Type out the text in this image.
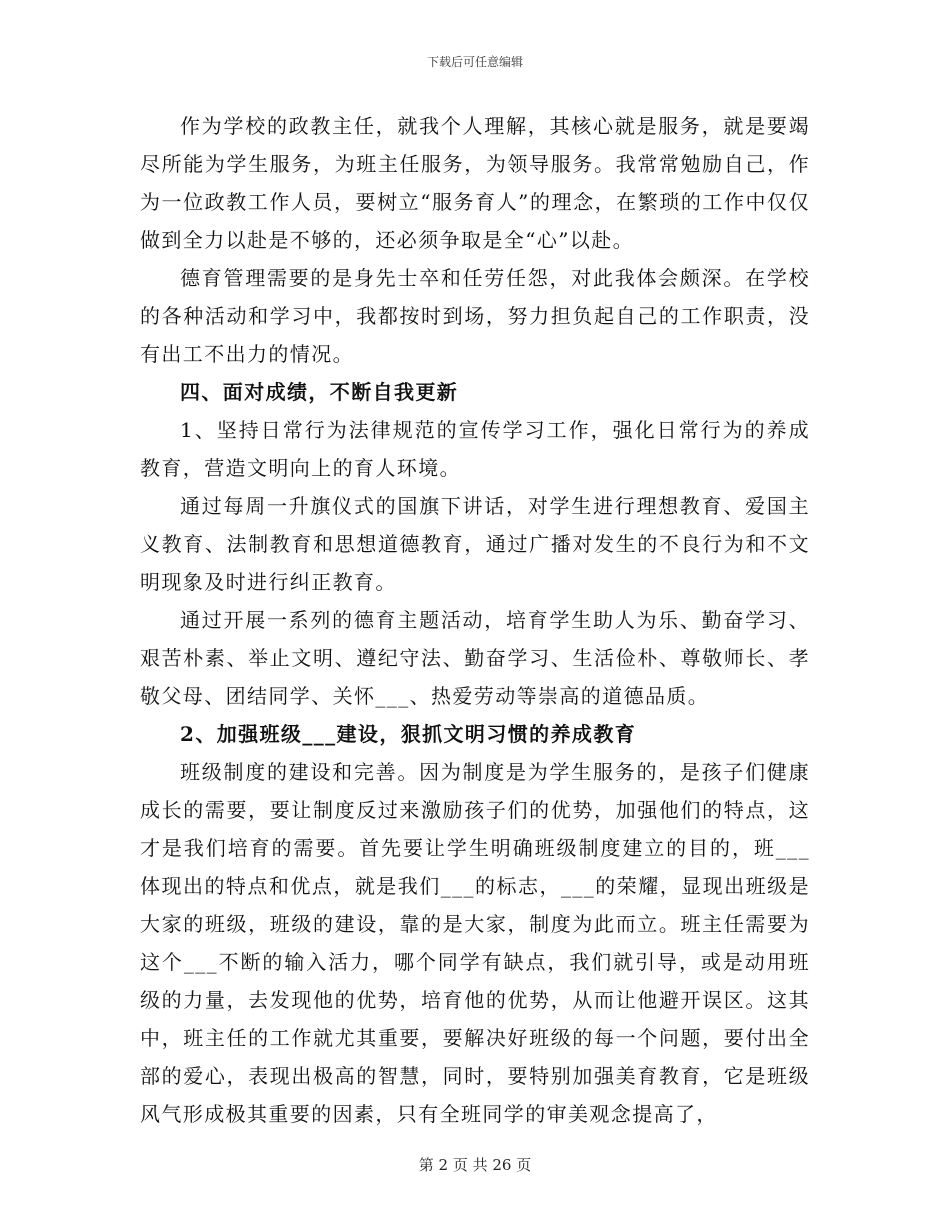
下载后可任意编辑

作为学校的政教主任，就我个人理解，其核心就是服务，就是要竭尽所能为学生服务，为班主任服务，为领导服务。我常常勉励自己，作为一位政教工作人员，要树立“服务育人”的理念，在繁琐的工作中仅仅做到全力以赴是不够的，还必须争取是全“心”以赴。

德育管理需要的是身先士卒和任劳任怨，对此我体会颇深。在学校的各种活动和学习中，我都按时到场，努力担负起自己的工作职责，没有出工不出力的情况。

四、面对成绩，不断自我更新

1、坚持日常行为法律规范的宣传学习工作，强化日常行为的养成教育，营造文明向上的育人环境。

通过每周一升旗仪式的国旗下讲话，对学生进行理想教育、爱国主义教育、法制教育和思想道德教育，通过广播对发生的不良行为和不文明现象及时进行纠正教育。

通过开展一系列的德育主题活动，培育学生助人为乐、勤奋学习、艰苦朴素、举止文明、遵纪守法、勤奋学习、生活俭朴、尊敬师长、孝敬父母、团结同学、关怀___、热爱劳动等崇高的道德品质。

2、加强班级___建设，狠抓文明习惯的养成教育

班级制度的建设和完善。因为制度是为学生服务的，是孩子们健康成长的需要，要让制度反过来激励孩子们的优势，加强他们的特点，这才是我们培育的需要。首先要让学生明确班级制度建立的目的，班___体现出的特点和优点，就是我们___的标志，___的荣耀，显现出班级是大家的班级，班级的建设，靠的是大家，制度为此而立。班主任需要为这个___不断的输入活力，哪个同学有缺点，我们就引导，或是动用班级的力量，去发现他的优势，培育他的优势，从而让他避开误区。这其中，班主任的工作就尤其重要，要解决好班级的每一个问题，要付出全部的爱心，表现出极高的智慧，同时，要特别加强美育教育，它是班级风气形成极其重要的因素，只有全班同学的审美观念提高了，

第 2 页 共 26 页
